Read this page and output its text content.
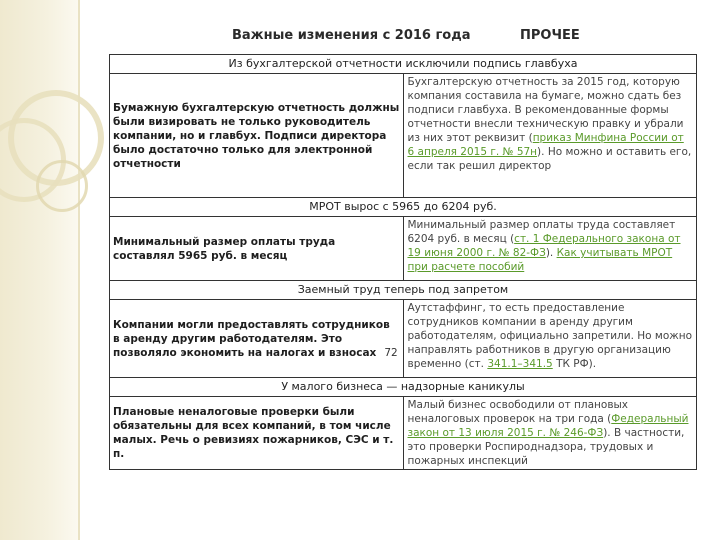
Важные изменения с 2016 года	ПРОЧЕЕ
Из бухгалтерской отчетности исключили подпись главбуха	
Бумажную бухгалтерскую отчетность должны были визировать не только руководитель компании, но и главбух. Подписи директора было достаточно только для электронной отчетности	Бухгалтерскую отчетность за 2015 год, которую компания составила на бумаге, можно сдать без подписи главбуха. В рекомендованные формы отчетности внесли техническую правку и убрали из них этот реквизит (приказ Минфина России от 6 апреля 2015 г. № 57н). Но можно и оставить его, если так решил директор
МРОТ вырос с 5965 до 6204 руб.	
Минимальный размер оплаты труда составлял 5965 руб. в месяц	Минимальный размер оплаты труда составляет 6204 руб. в месяц (ст. 1 Федерального закона от 19 июня 2000 г. № 82-ФЗ). Как учитывать МРОТ при расчете пособий
Заемный труд теперь под запретом	
Компании могли предоставлять сотрудников в аренду другим работодателям. Это позволяло экономить на налогах и взносах 72	Аутстаффинг, то есть предоставление сотрудников компании в аренду другим работодателям, официально запретили. Но можно направлять работников в другую организацию временно (ст. 341.1–341.5 ТК РФ).
У малого бизнеса — надзорные каникулы	
Плановые неналоговые проверки были обязательны для всех компаний, в том числе малых. Речь о ревизиях пожарников, СЭС и т. п.	Малый бизнес освободили от плановых неналоговых проверок на три года (Федеральный закон от 13 июля 2015 г. № 246-ФЗ). В частности, это проверки Роспироднадзора, трудовых и пожарных инспекций
